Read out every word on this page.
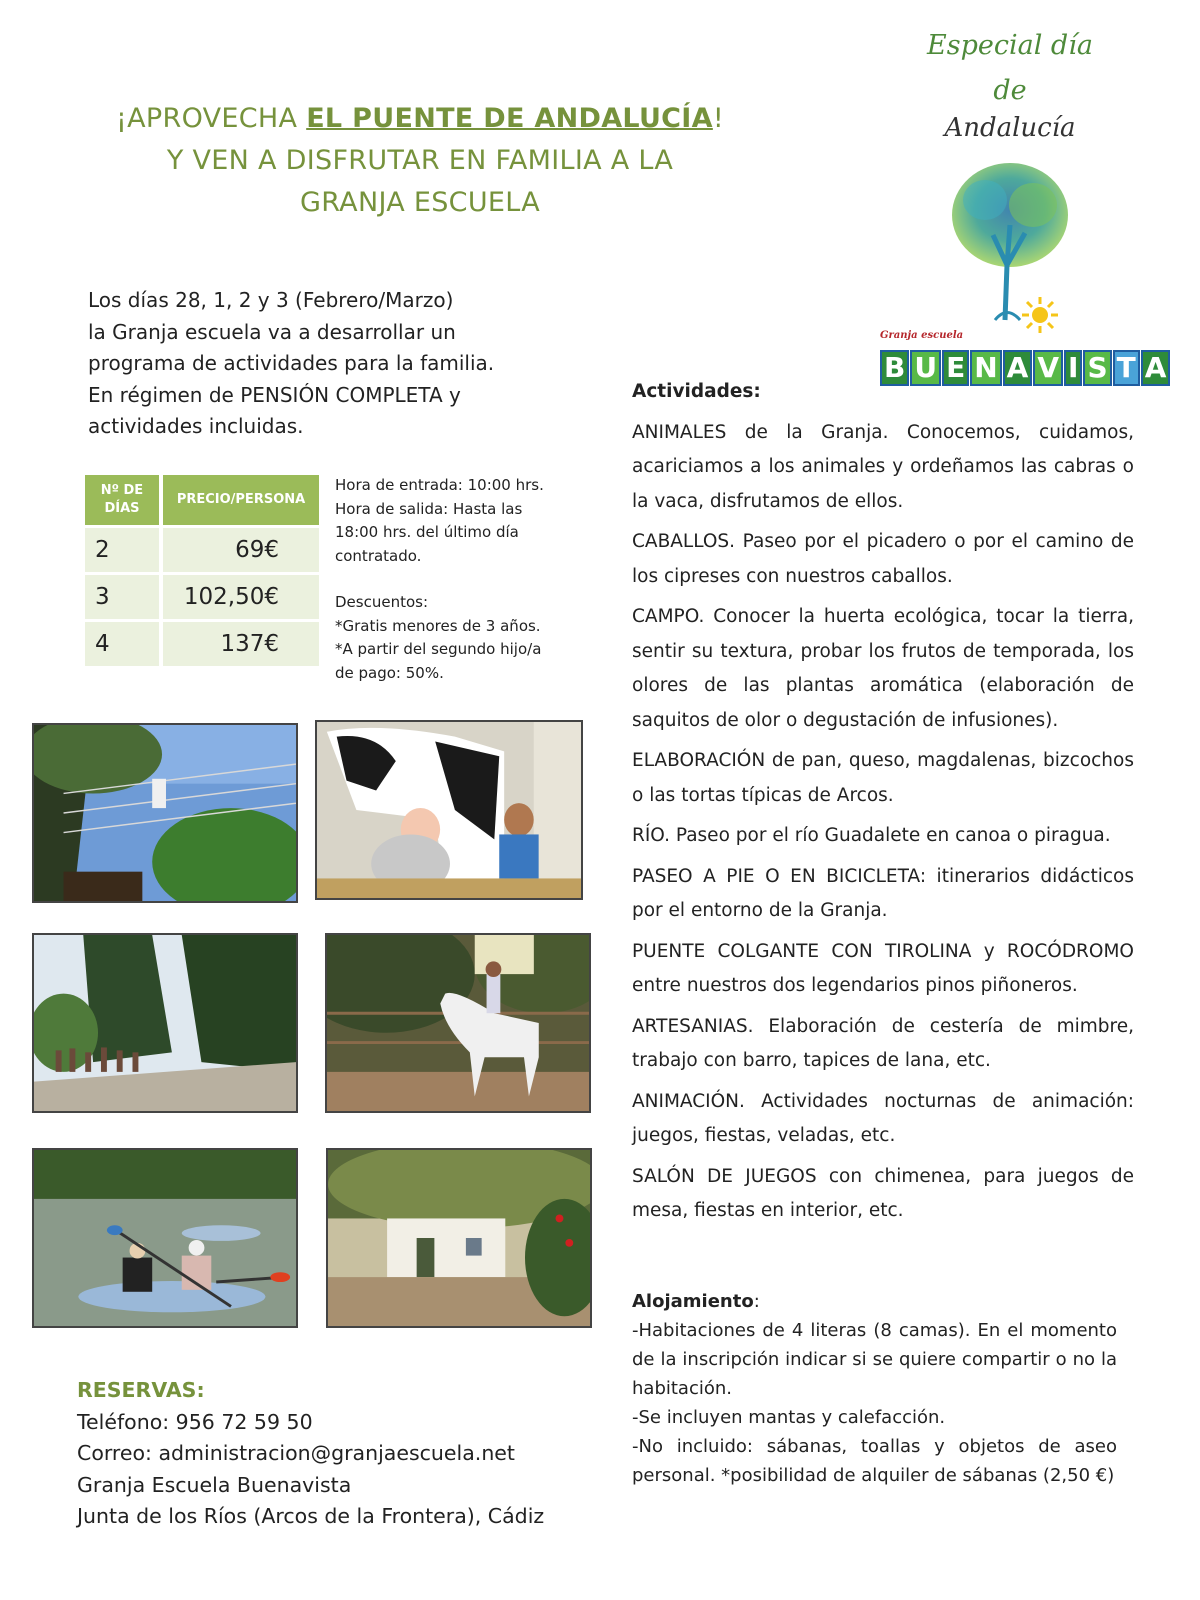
¡APROVECHA EL PUENTE DE ANDALUCÍA!
Y VEN A DISFRUTAR EN FAMILIA A LA
GRANJA ESCUELA
Especial día
de
Andalucía
Granja escuela
B U E N A V I S T A
Los días 28, 1, 2 y 3 (Febrero/Marzo)
la Granja escuela va a desarrollar un
programa de actividades para la familia.
En régimen de PENSIÓN COMPLETA y
actividades incluidas.
Nº DE
DÍAS	PRECIO/PERSONA
2	69€
3	102,50€
4	137€
Hora de entrada: 10:00 hrs.
Hora de salida: Hasta las
18:00 hrs. del último día
contratado.
Descuentos:
*Gratis menores de 3 años.
*A partir del segundo hijo/a
de pago: 50%.
RESERVAS:
Teléfono: 956 72 59 50
Correo: administracion@granjaescuela.net
Granja Escuela Buenavista
Junta de los Ríos (Arcos de la Frontera), Cádiz
Actividades:

ANIMALES de la Granja. Conocemos, cuidamos, acariciamos a los animales y ordeñamos las cabras o la vaca, disfrutamos de ellos.

CABALLOS. Paseo por el picadero o por el camino de los cipreses con nuestros caballos.

CAMPO. Conocer la huerta ecológica, tocar la tierra, sentir su textura, probar los frutos de temporada, los olores de las plantas aromática (elaboración de saquitos de olor o degustación de infusiones).

ELABORACIÓN de pan, queso, magdalenas, bizcochos o las tortas típicas de Arcos.

RÍO. Paseo por el río Guadalete en canoa o piragua.

PASEO A PIE O EN BICICLETA: itinerarios didácticos por el entorno de la Granja.

PUENTE COLGANTE CON TIROLINA y ROCÓDROMO entre nuestros dos legendarios pinos piñoneros.

ARTESANIAS. Elaboración de cestería de mimbre, trabajo con barro, tapices de lana, etc.

ANIMACIÓN. Actividades nocturnas de animación: juegos, fiestas, veladas, etc.

SALÓN DE JUEGOS con chimenea, para juegos de mesa, fiestas en interior, etc.

Alojamiento:
-Habitaciones de 4 literas (8 camas). En el momento de la inscripción indicar si se quiere compartir o no la habitación.
-Se incluyen mantas y calefacción.
-No incluido: sábanas, toallas y objetos de aseo personal. *posibilidad de alquiler de sábanas (2,50 €)
